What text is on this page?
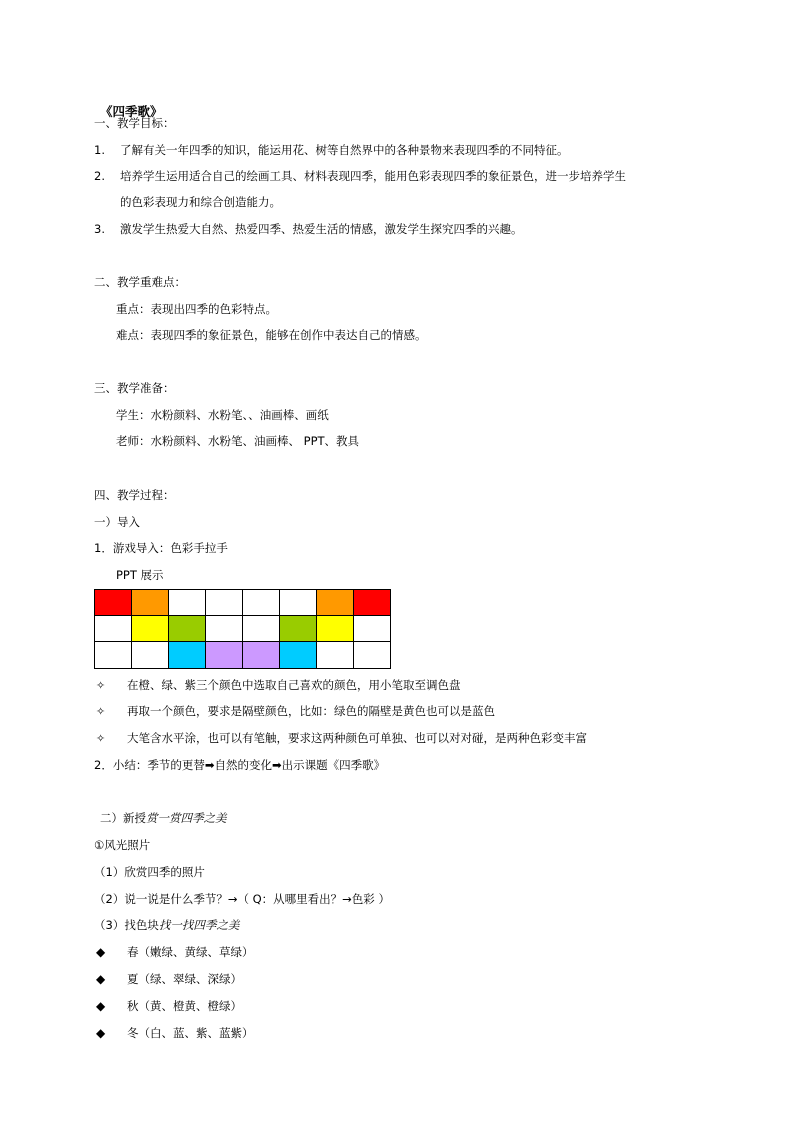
《四季歌》
一、教学目标：
1. 了解有关一年四季的知识，能运用花、树等自然界中的各种景物来表现四季的不同特征。
2. 培养学生运用适合自己的绘画工具、材料表现四季，能用色彩表现四季的象征景色，进一步培养学生
的色彩表现力和综合创造能力。
3. 激发学生热爱大自然、热爱四季、热爱生活的情感，激发学生探究四季的兴趣。
二、教学重难点：
重点：表现出四季的色彩特点。
难点：表现四季的象征景色，能够在创作中表达自己的情感。
三、教学准备：
学生：水粉颜料、水粉笔、、油画棒、画纸
老师：水粉颜料、水粉笔、油画棒、 PPT、教具
四、教学过程：
一）导入
1．游戏导入：色彩手拉手
PPT 展示

✧ 在橙、绿、紫三个颜色中选取自己喜欢的颜色，用小笔取至调色盘
✧ 再取一个颜色，要求是隔壁颜色，比如：绿色的隔壁是黄色也可以是蓝色
✧ 大笔含水平涂，也可以有笔触，要求这两种颜色可单独、也可以对对碰，是两种色彩变丰富
2．小结：季节的更替➡自然的变化➡出示课题《四季歌》
二）新授赏一赏四季之美
①风光照片
（1）欣赏四季的照片
（2）说一说是什么季节？→（ Q：从哪里看出？→色彩 ）
（3）找色块找一找四季之美
◆ 春（嫩绿、黄绿、草绿）
◆ 夏（绿、翠绿、深绿）
◆ 秋（黄、橙黄、橙绿）
◆ 冬（白、蓝、紫、蓝紫）
